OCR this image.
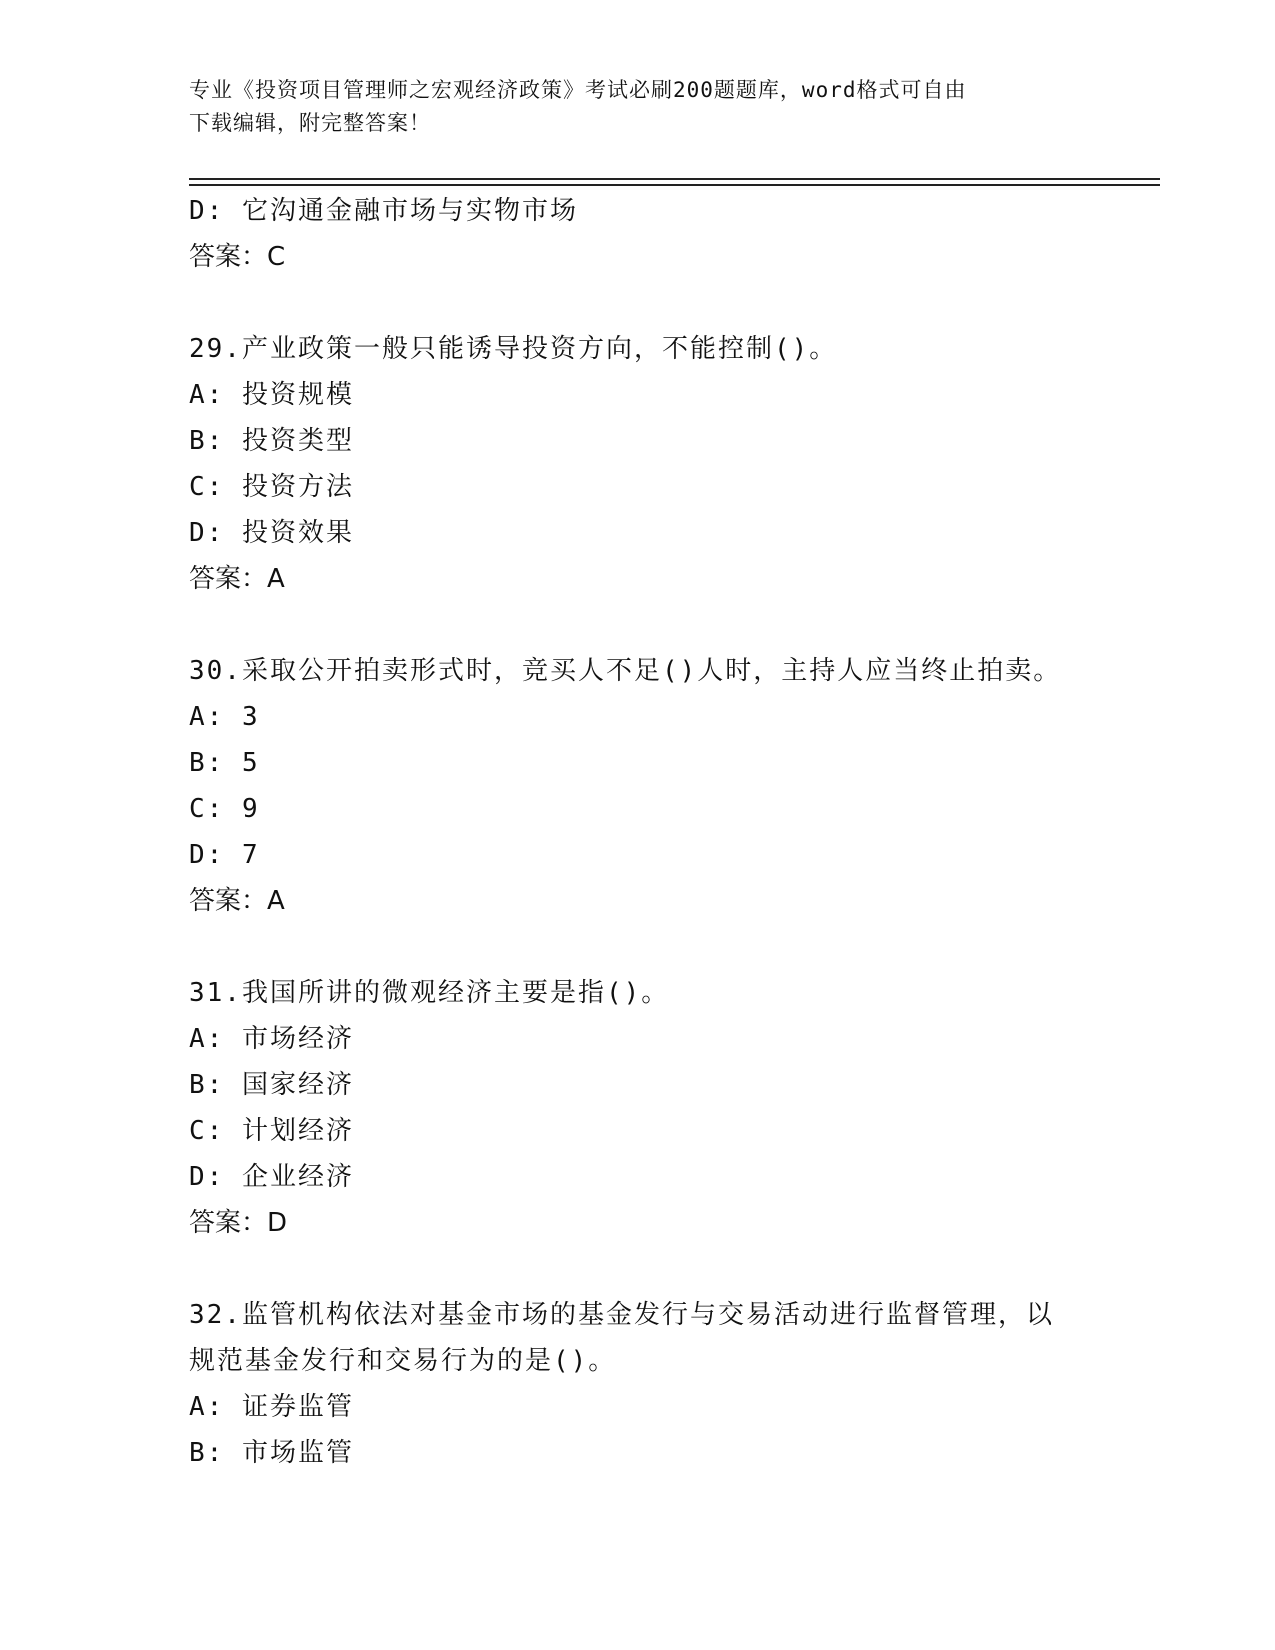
专业《投资项目管理师之宏观经济政策》考试必刷200题题库，word格式可自由
下载编辑，附完整答案！
D: 它沟通金融市场与实物市场
答案：C
29.产业政策一般只能诱导投资方向，不能控制()。
A: 投资规模
B: 投资类型
C: 投资方法
D: 投资效果
答案：A
30.采取公开拍卖形式时，竞买人不足()人时，主持人应当终止拍卖。
A: 3
B: 5
C: 9
D: 7
答案：A
31.我国所讲的微观经济主要是指()。
A: 市场经济
B: 国家经济
C: 计划经济
D: 企业经济
答案：D
32.监管机构依法对基金市场的基金发行与交易活动进行监督管理，以
规范基金发行和交易行为的是()。
A: 证券监管
B: 市场监管
